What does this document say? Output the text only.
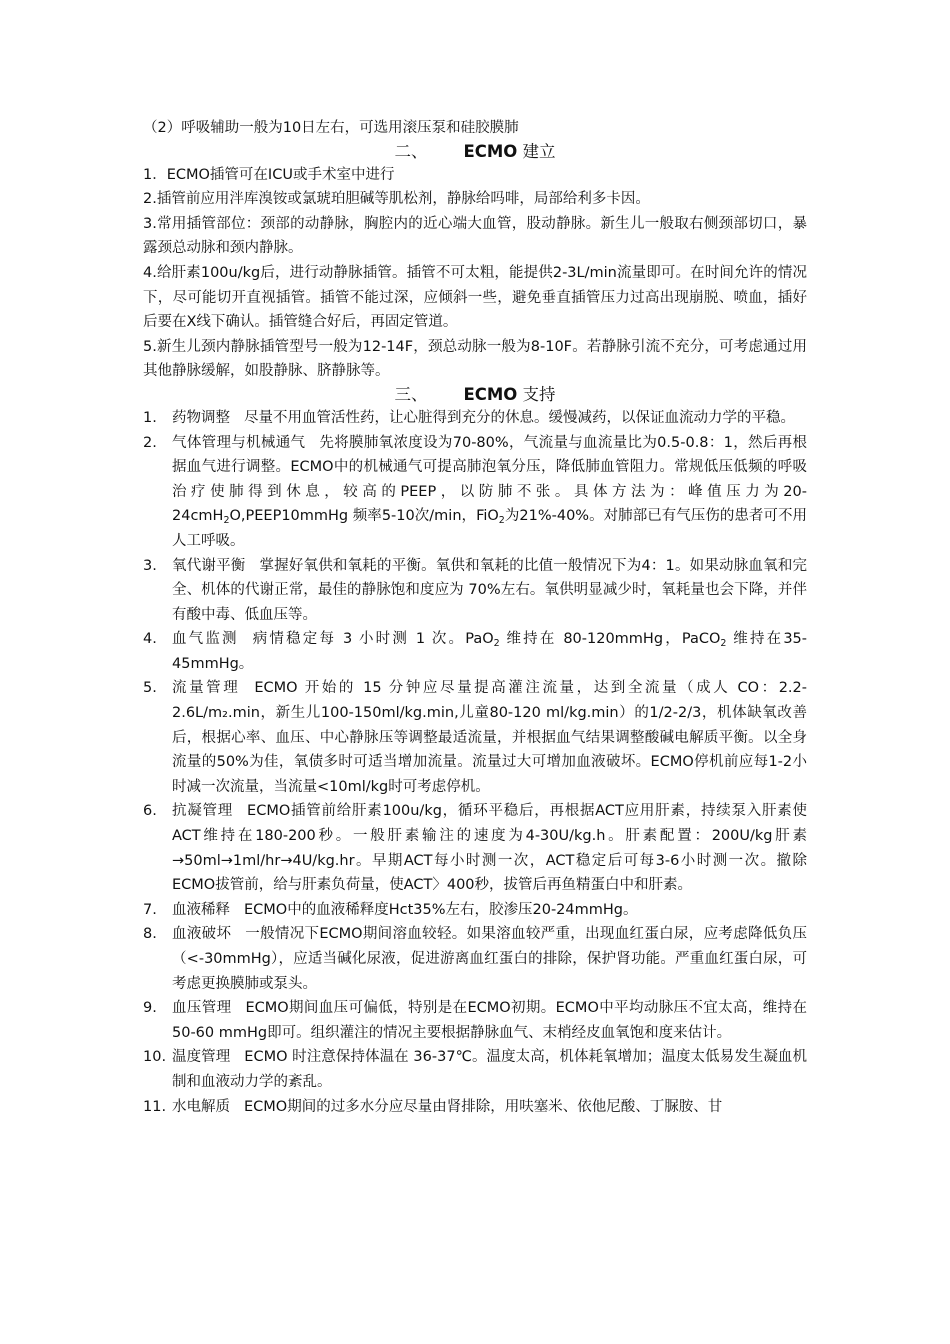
（2）呼吸辅助一般为10日左右，可选用滚压泵和硅胶膜肺
二、 ECMO 建立
1．ECMO插管可在ICU或手术室中进行
2.插管前应用泮库溴铵或氯琥珀胆碱等肌松剂，静脉给吗啡，局部给利多卡因。
3.常用插管部位：颈部的动静脉，胸腔内的近心端大血管，股动静脉。新生儿一般取右侧颈部切口，暴露颈总动脉和颈内静脉。
4.给肝素100u/kg后，进行动静脉插管。插管不可太粗，能提供2-3L/min流量即可。在时间允许的情况下，尽可能切开直视插管。插管不能过深，应倾斜一些，避免垂直插管压力过高出现崩脱、喷血，插好后要在X线下确认。插管缝合好后，再固定管道。
5.新生儿颈内静脉插管型号一般为12-14F，颈总动脉一般为8-10F。若静脉引流不充分，可考虑通过用其他静脉缓解，如股静脉、脐静脉等。
三、 ECMO 支持
1.	药物调整 尽量不用血管活性药，让心脏得到充分的休息。缓慢减药，以保证血流动力学的平稳。
2.	气体管理与机械通气 先将膜肺氧浓度设为70-80%，气流量与血流量比为0.5-0.8：1，然后再根据血气进行调整。ECMO中的机械通气可提高肺泡氧分压，降低肺血管阻力。常规低压低频的呼吸治疗使肺得到休息，较高的PEEP，以防肺不张。具体方法为：峰值压力为20-24cmH$_2$O,PEEP10mmHg 频率5-10次/min，FiO$_2$为21%-40%。对肺部已有气压伤的患者可不用人工呼吸。
3.	氧代谢平衡 掌握好氧供和氧耗的平衡。氧供和氧耗的比值一般情况下为4：1。如果动脉血氧和完全、机体的代谢正常，最佳的静脉饱和度应为 70%左右。氧供明显减少时，氧耗量也会下降，并伴有酸中毒、低血压等。
4.	血气监测 病情稳定每 3 小时测 1 次。PaO$_2$ 维持在 80-120mmHg，PaCO$_2$ 维持在35-45mmHg。
5.	流量管理 ECMO 开始的 15 分钟应尽量提高灌注流量，达到全流量（成人 CO：2.2-2.6L/m₂.min，新生儿100-150ml/kg.min,儿童80-120 ml/kg.min）的1/2-2/3，机体缺氧改善后，根据心率、血压、中心静脉压等调整最适流量，并根据血气结果调整酸碱电解质平衡。以全身流量的50%为佳，氧债多时可适当增加流量。流量过大可增加血液破坏。ECMO停机前应每1-2小时减一次流量，当流量<10ml/kg时可考虑停机。
6.	抗凝管理 ECMO插管前给肝素100u/kg，循环平稳后，再根据ACT应用肝素，持续泵入肝素使ACT维持在180-200秒。一般肝素输注的速度为4-30U/kg.h。肝素配置：200U/kg肝素→50ml→1ml/hr→4U/kg.hr。早期ACT每小时测一次，ACT稳定后可每3-6小时测一次。撤除ECMO拔管前，给与肝素负荷量，使ACT〉400秒，拔管后再鱼精蛋白中和肝素。
7.	血液稀释 ECMO中的血液稀释度Hct35%左右，胶渗压20-24mmHg。
8.	血液破坏 一般情况下ECMO期间溶血较轻。如果溶血较严重，出现血红蛋白尿，应考虑降低负压（<-30mmHg），应适当碱化尿液，促进游离血红蛋白的排除，保护肾功能。严重血红蛋白尿，可考虑更换膜肺或泵头。
9.	血压管理 ECMO期间血压可偏低，特别是在ECMO初期。ECMO中平均动脉压不宜太高，维持在50-60 mmHg即可。组织灌注的情况主要根据静脉血气、末梢经皮血氧饱和度来估计。
10. 温度管理 ECMO 时注意保持体温在 36-37℃。温度太高，机体耗氧增加；温度太低易发生凝血机制和血液动力学的紊乱。
11. 水电解质 ECMO期间的过多水分应尽量由肾排除，用呋塞米、依他尼酸、丁脲胺、甘
